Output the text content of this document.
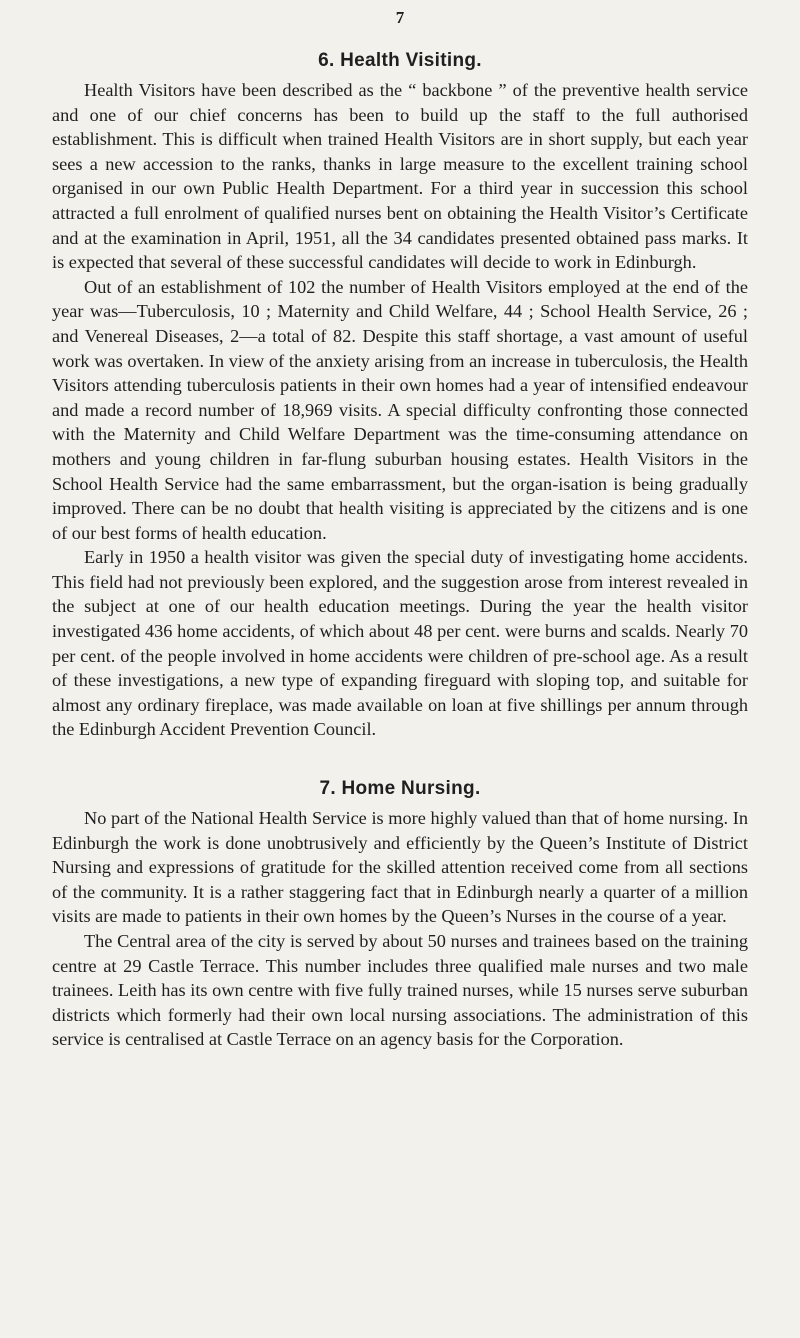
7
6. Health Visiting.

Health Visitors have been described as the “ backbone ” of the preventive health service and one of our chief concerns has been to build up the staff to the full authorised establishment. This is difficult when trained Health Visitors are in short supply, but each year sees a new accession to the ranks, thanks in large measure to the excellent training school organised in our own Public Health Department. For a third year in succession this school attracted a full enrolment of qualified nurses bent on obtaining the Health Visitor’s Certificate and at the examination in April, 1951, all the 34 candidates presented obtained pass marks. It is expected that several of these successful candidates will decide to work in Edinburgh.

Out of an establishment of 102 the number of Health Visitors employed at the end of the year was—Tuberculosis, 10 ; Maternity and Child Welfare, 44 ; School Health Service, 26 ; and Venereal Diseases, 2—a total of 82. Despite this staff shortage, a vast amount of useful work was overtaken. In view of the anxiety arising from an increase in tuberculosis, the Health Visitors attending tuberculosis patients in their own homes had a year of intensified endeavour and made a record number of 18,969 visits. A special difficulty confronting those connected with the Maternity and Child Welfare Department was the time-consuming attendance on mothers and young children in far-flung suburban housing estates. Health Visitors in the School Health Service had the same embarrassment, but the organ-isation is being gradually improved. There can be no doubt that health visiting is appreciated by the citizens and is one of our best forms of health education.

Early in 1950 a health visitor was given the special duty of investigating home accidents. This field had not previously been explored, and the suggestion arose from interest revealed in the subject at one of our health education meetings. During the year the health visitor investigated 436 home accidents, of which about 48 per cent. were burns and scalds. Nearly 70 per cent. of the people involved in home accidents were children of pre-school age. As a result of these investigations, a new type of expanding fireguard with sloping top, and suitable for almost any ordinary fireplace, was made available on loan at five shillings per annum through the Edinburgh Accident Prevention Council.

7. Home Nursing.

No part of the National Health Service is more highly valued than that of home nursing. In Edinburgh the work is done unobtrusively and efficiently by the Queen’s Institute of District Nursing and expressions of gratitude for the skilled attention received come from all sections of the community. It is a rather staggering fact that in Edinburgh nearly a quarter of a million visits are made to patients in their own homes by the Queen’s Nurses in the course of a year.

The Central area of the city is served by about 50 nurses and trainees based on the training centre at 29 Castle Terrace. This number includes three qualified male nurses and two male trainees. Leith has its own centre with five fully trained nurses, while 15 nurses serve suburban districts which formerly had their own local nursing associations. The administration of this service is centralised at Castle Terrace on an agency basis for the Corporation.
